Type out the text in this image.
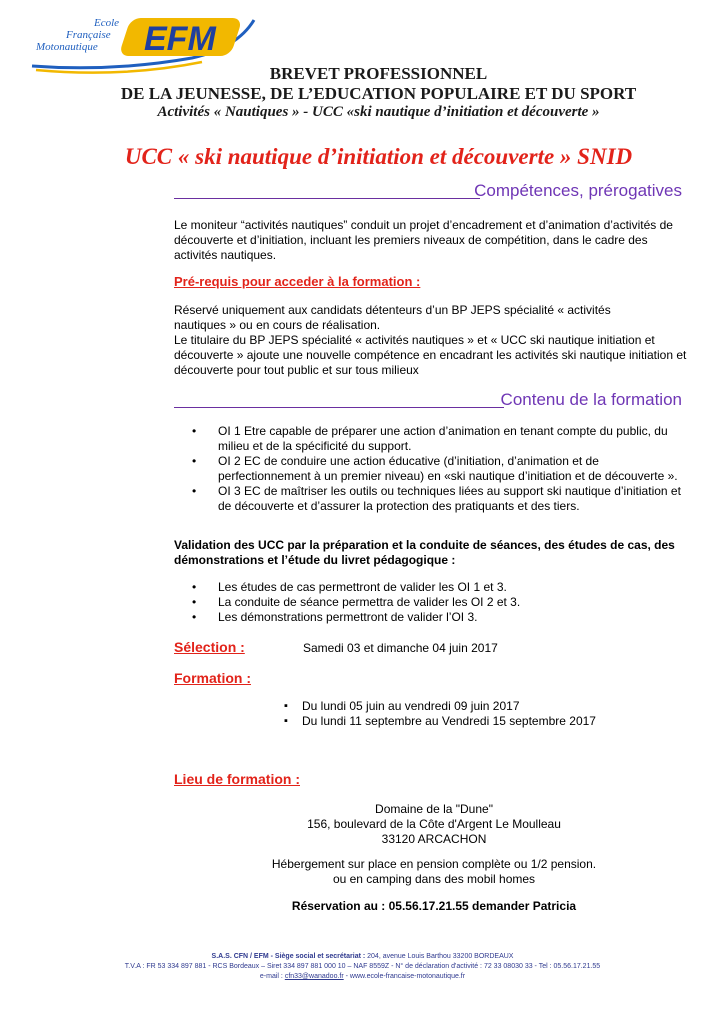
EFM
Ecole
Française
Motonautique
BREVET PROFESSIONNEL
DE LA JEUNESSE, DE L’EDUCATION POPULAIRE ET DU SPORT
Activités « Nautiques » - UCC «ski nautique d’initiation et découverte »
UCC « ski nautique d’initiation et découverte » SNID
Compétences, prérogatives
Le moniteur “activités nautiques” conduit un projet d’encadrement et d’animation d’activités de découverte et d’initiation, incluant les premiers niveaux de compétition, dans le cadre des activités nautiques.
Pré-requis pour acceder à la formation :
Réservé uniquement aux candidats détenteurs d’un BP JEPS spécialité « activités nautiques » ou en cours de réalisation.
Le titulaire du BP JEPS spécialité « activités nautiques » et « UCC ski nautique initiation et découverte » ajoute une nouvelle compétence en encadrant les activités ski nautique initiation et découverte pour tout public et sur tous milieux
Contenu de la formation
• OI 1 Etre capable de préparer une action d’animation en tenant compte du public, du milieu et de la spécificité du support.
• OI 2 EC de conduire une action éducative (d’initiation, d’animation et de perfectionnement à un premier niveau) en «ski nautique d’initiation et de découverte ».
• OI 3 EC de maîtriser les outils ou techniques liées au support ski nautique d’initiation et de découverte et d’assurer la protection des pratiquants et des tiers.
Validation des UCC par la préparation et la conduite de séances, des études de cas, des démonstrations et l’étude du livret pédagogique :
• Les études de cas permettront de valider les OI 1 et 3.
• La conduite de séance permettra de valider les OI 2 et 3.
• Les démonstrations permettront de valider l’OI 3.
Sélection :	Samedi 03 et dimanche 04 juin 2017
Formation :
▪ Du lundi 05 juin au vendredi 09 juin 2017
▪ Du lundi 11 septembre au Vendredi 15 septembre 2017
Lieu de formation :
Domaine de la "Dune"
156, boulevard de la Côte d'Argent Le Moulleau
33120 ARCACHON
Hébergement sur place en pension complète ou 1/2 pension.
ou en camping dans des mobil homes
Réservation au : 05.56.17.21.55 demander Patricia
S.A.S. CFN / EFM - Siège social et secrétariat : 204, avenue Louis Barthou 33200 BORDEAUX
T.V.A : FR 53 334 897 881 - RCS Bordeaux – Siret 334 897 881 000 10 – NAF 8559Z - N° de déclaration d'activité : 72 33 08030 33 - Tel : 05.56.17.21.55
e-mail : cfn33@wanadoo.fr - www.ecole-francaise-motonautique.fr
